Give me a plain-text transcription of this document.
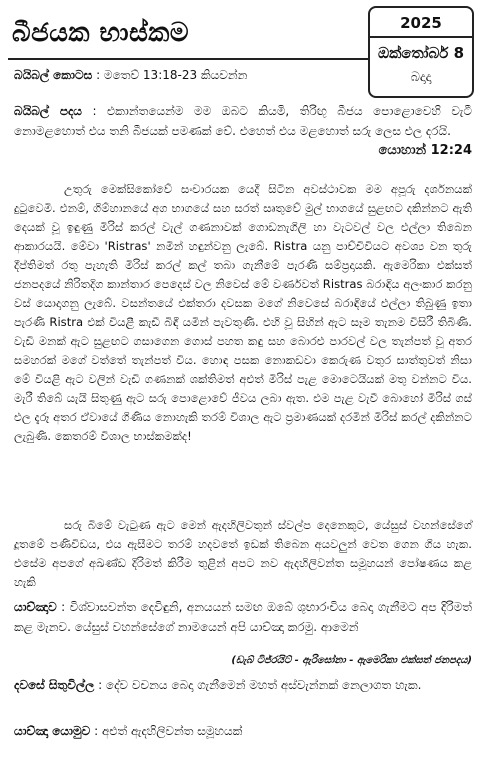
බීජයක භාස්කම	2025
ඔක්තෝබර් 8
බදාදා
බයිබල් කොටස : මතෙව් 13:18-23 කියවන්න
බයිබල් පදය : එකාන්තයෙන්ම මම ඔබට කියමි, තිරිඟු බීජය පොළොවෙහි වැටී නොමළහොත් එය තනි බීජයක් පමණක් වේ. එහෙත් එය මළහොත් සරු ලෙස එල දරයි.
යොහාන් 12:24
උතුරු මෙක්සිකෝවේ සංචාරයක යෙදී සිටින අවස්ථාවක මම අපූරු දර්ශනයක් දුටුවෙමි. එනම්, ගිම්හානයේ අග භාගයේ සහ සරත් සෘතුවේ මුල් භාගයේ සුළඟට දකින්නට ඇති දෙයක් වූ ඉඳුණු මිරිස් කරල් වැල් ගණනාවක් ගොඩනැගිලි හා වැටවල් වල එල්ලා තිබෙන ආකාරයයි. මේවා 'Ristras' නමින් හඳුන්වනු ලැබේ. Ristra යනු පාච්චිවියට අවශ්‍ය වන තුරු දීප්තිමත් රතු පැහැති මිරිස් කරල් කල් තබා ගැනීමේ පැරණි සම්ප්‍රදායකි. ඇමෙරිකා එක්සත් ජනපදයේ නිරිතදිග කාන්තාර පෙදෙස් වල නිවෙස් මේ වර්ණවත් Ristras බරාඳිය අලංකාර කරනු වස් යොදාගනු ලැබේ. වසන්තයේ එක්තරා දවසක මගේ නිවෙසේ බරාඳියේ එල්ලා තිබුණු ඉතා පැරණි Ristra එක් වියළී කැඩී බිඳී යමින් පැවතුණි. එහි වූ සිහින් ඇට සෑම තැනම විසිරී තිබිණි. වැඩි මනක් ඇට සුළඟට ගසාගෙන ගොස් පහත කඳු සහ බොරළු පාරවල් වල තැන්පත් වූ අතර සමහරක් මගේ වත්තේ තැන්පත් විය. හොඳ පසක නොකඩවා කෙරුණ වතුර සාත්තුවත් නිසා මේ වියළි ඇට වලින් වැඩි ගණනක් ශක්තිමත් අළුත් මිරිස් පැළ මොටෙයියක් මතු වන්නට විය. මැරී තිබේ යැයි සිතුණු ඇට සරු පොළොවේ ජීවය ලබා ඇත. එම පැළ වැවී බොහෝ මිරිස් ගස් එල දැරූ අතර ඒවායේ ගිණිය නොහැකි තරම් විශාල ඇට ප්‍රමාණයක් දරමින් මිරිස් කරල් දකින්නට ලැබුණි. කෙතරම් විශාල භාස්කමක්ද!
සරු බිමේ වැටුණ ඇට මෙන් ඇදහිලිවතුන් ස්වල්ප දෙනෙකුට, යේසුස් වහන්සේගේ දූතමේ පණිවිඩය, එය ඇසීමට තරම් හදවතේ ඉඩක් තිබෙන අයවලුන් වෙත ගෙන ගිය හැක. එසේම අපගේ අඛණ්ඩ දිරිමත් කිරීම තුළින් අපට නව ඇදහිලිවන්ත සමූහයන් පෝෂණය කළ හැකි
යාච්ඤාව : විශ්වාසවන්ත දෙවිඳුනි, අනයයන් සමඟ ඔබේ ශුභාරංචිය බෙදා ගැනීමට අප දිරිමත් කළ මැනව. යේසුස් වහන්සේගේ නාමයෙන් අපි යාච්ඤා කරමු. ආමෙන්
(ඩැබ් ටිජ්රයිට් - ඇරිසෝනා - ඇමෙරිකා එක්සත් ජනපදය)
දවසේ සිතුවිල්ල : දේව වචනය බෙදා ගැනීමෙන් මහත් අස්වැන්නක් නෙලාගත හැක.
යාච්ඤා යොමුව : අළුත් ඇදහිලිවන්ත සමූහයක්
